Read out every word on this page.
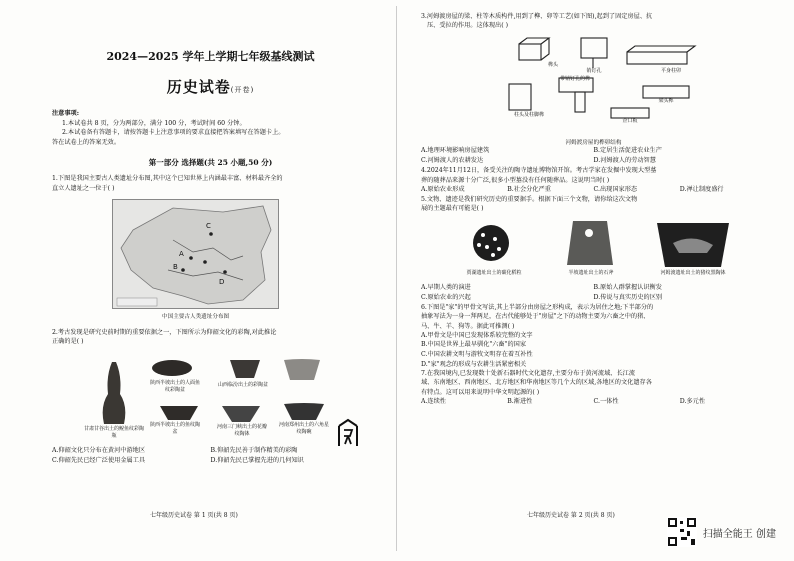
2024—2025 学年上学期七年级基线测试
历史试卷(开卷)
注意事项:
1.本试卷共 8 页，分为两部分，满分 100 分，考试时间 60 分钟。
2.本试卷备有答题卡，请按答题卡上注意事项的要求直接把答案填写在答题卡上。
答在试卷上的答案无效。
第一部分 选择题(共 25 小题,50 分)

1.下图是我国主要古人类遗址分布图,其中这个已知世界上内涵最丰富、材料最齐全的

直立人遗址之一位于( )

C
A
B
D
中国主要古人类遗址分布图

2.考古发现是研究史前时期的重要依据之一，下图所示为仰韶文化的彩陶,对此推论

正确的是( )

甘肃甘谷出土的鲵鱼纹彩陶瓶
陕西半坡出土的人面鱼纹彩陶盆
山西临汾出土的彩陶盆
陕西半坡出土的鱼纹陶盆
河南三门峡出土的花瓣纹陶钵
河南郑州出土的六角星纹陶碗
A.仰韶文化只分布在黄河中游地区	B.仰韶先民善于制作精美的彩陶
C.仰韶先民已经广泛使用金属工具	D.仰韶先民已掌握先进的几何知识
七年级历史试卷 第 1 页(共 8 页)

3.河姆渡房屋的梁、柱等木质构件,用到了榫、卯等工艺(如下图),起到了固定房屋、抗

压、受拉的作用。这体现出( )

榫头
销钉孔
带销钉孔的榫
平身柱卯
梁头榫
柱头及柱脚榫
企口板
河姆渡房屋的榫卯结构
A.地理环境影响房屋建筑	B.定居生活促进农业生产
C.河姆渡人的农耕发达	D.河姆渡人的劳动智慧

4.2024年11月12日，备受关注的陶寺遗址博物馆开馆。考古学家在发掘中发现大型墓

葬的随葬品来源十分广泛,很多小型墓没有任何随葬品。这说明当时( )

A.原始农业形成	B.社会分化严重	C.出现国家形态	D.禅让制度盛行

5.文物、遗迹是我们研究历史的重要据手。根据下面三个文物，请你给这次文物

展的主题最有可能是( )

贾湖遗址出土的碳化稻粒	半坡遗址出土的石斧	河姆渡遗址出土的猪纹黑陶钵
A.早期人类的演进	B.原始人群掌握认识衡发
C.原始农业的兴起	D.传说与真实历史的区别

6.下图是"家"的甲骨文写法,其上半部分由房屋之形构成，表示为居住之地;下半部分的

抽象写法为一身一拜两足，在古代能够处于"房屋"之下的动物主要为六畜之中的猪、

马、牛、羊、狗等。据此可推测( )

A.甲骨文是中国已发现体系较完整的文字
B.中国是世界上最早驯化"六畜"的国家
C.中国农耕文明与游牧文明存在着互补性
D."家"观念的形成与农耕生活紧密相关

7.在我国境内,已发现数十处新石器时代文化遗存,主要分布于黄河流域、长江流

域、东南地区、西南地区、北方地区和华南地区等几个大的区域,各地区的文化遗存各

有特点。这可以用来说明中华文明起源的( )

A.连续性	B.渐进性	C.一体性	D.多元性
七年级历史试卷 第 2 页(共 8 页)
扫描全能王 创建
